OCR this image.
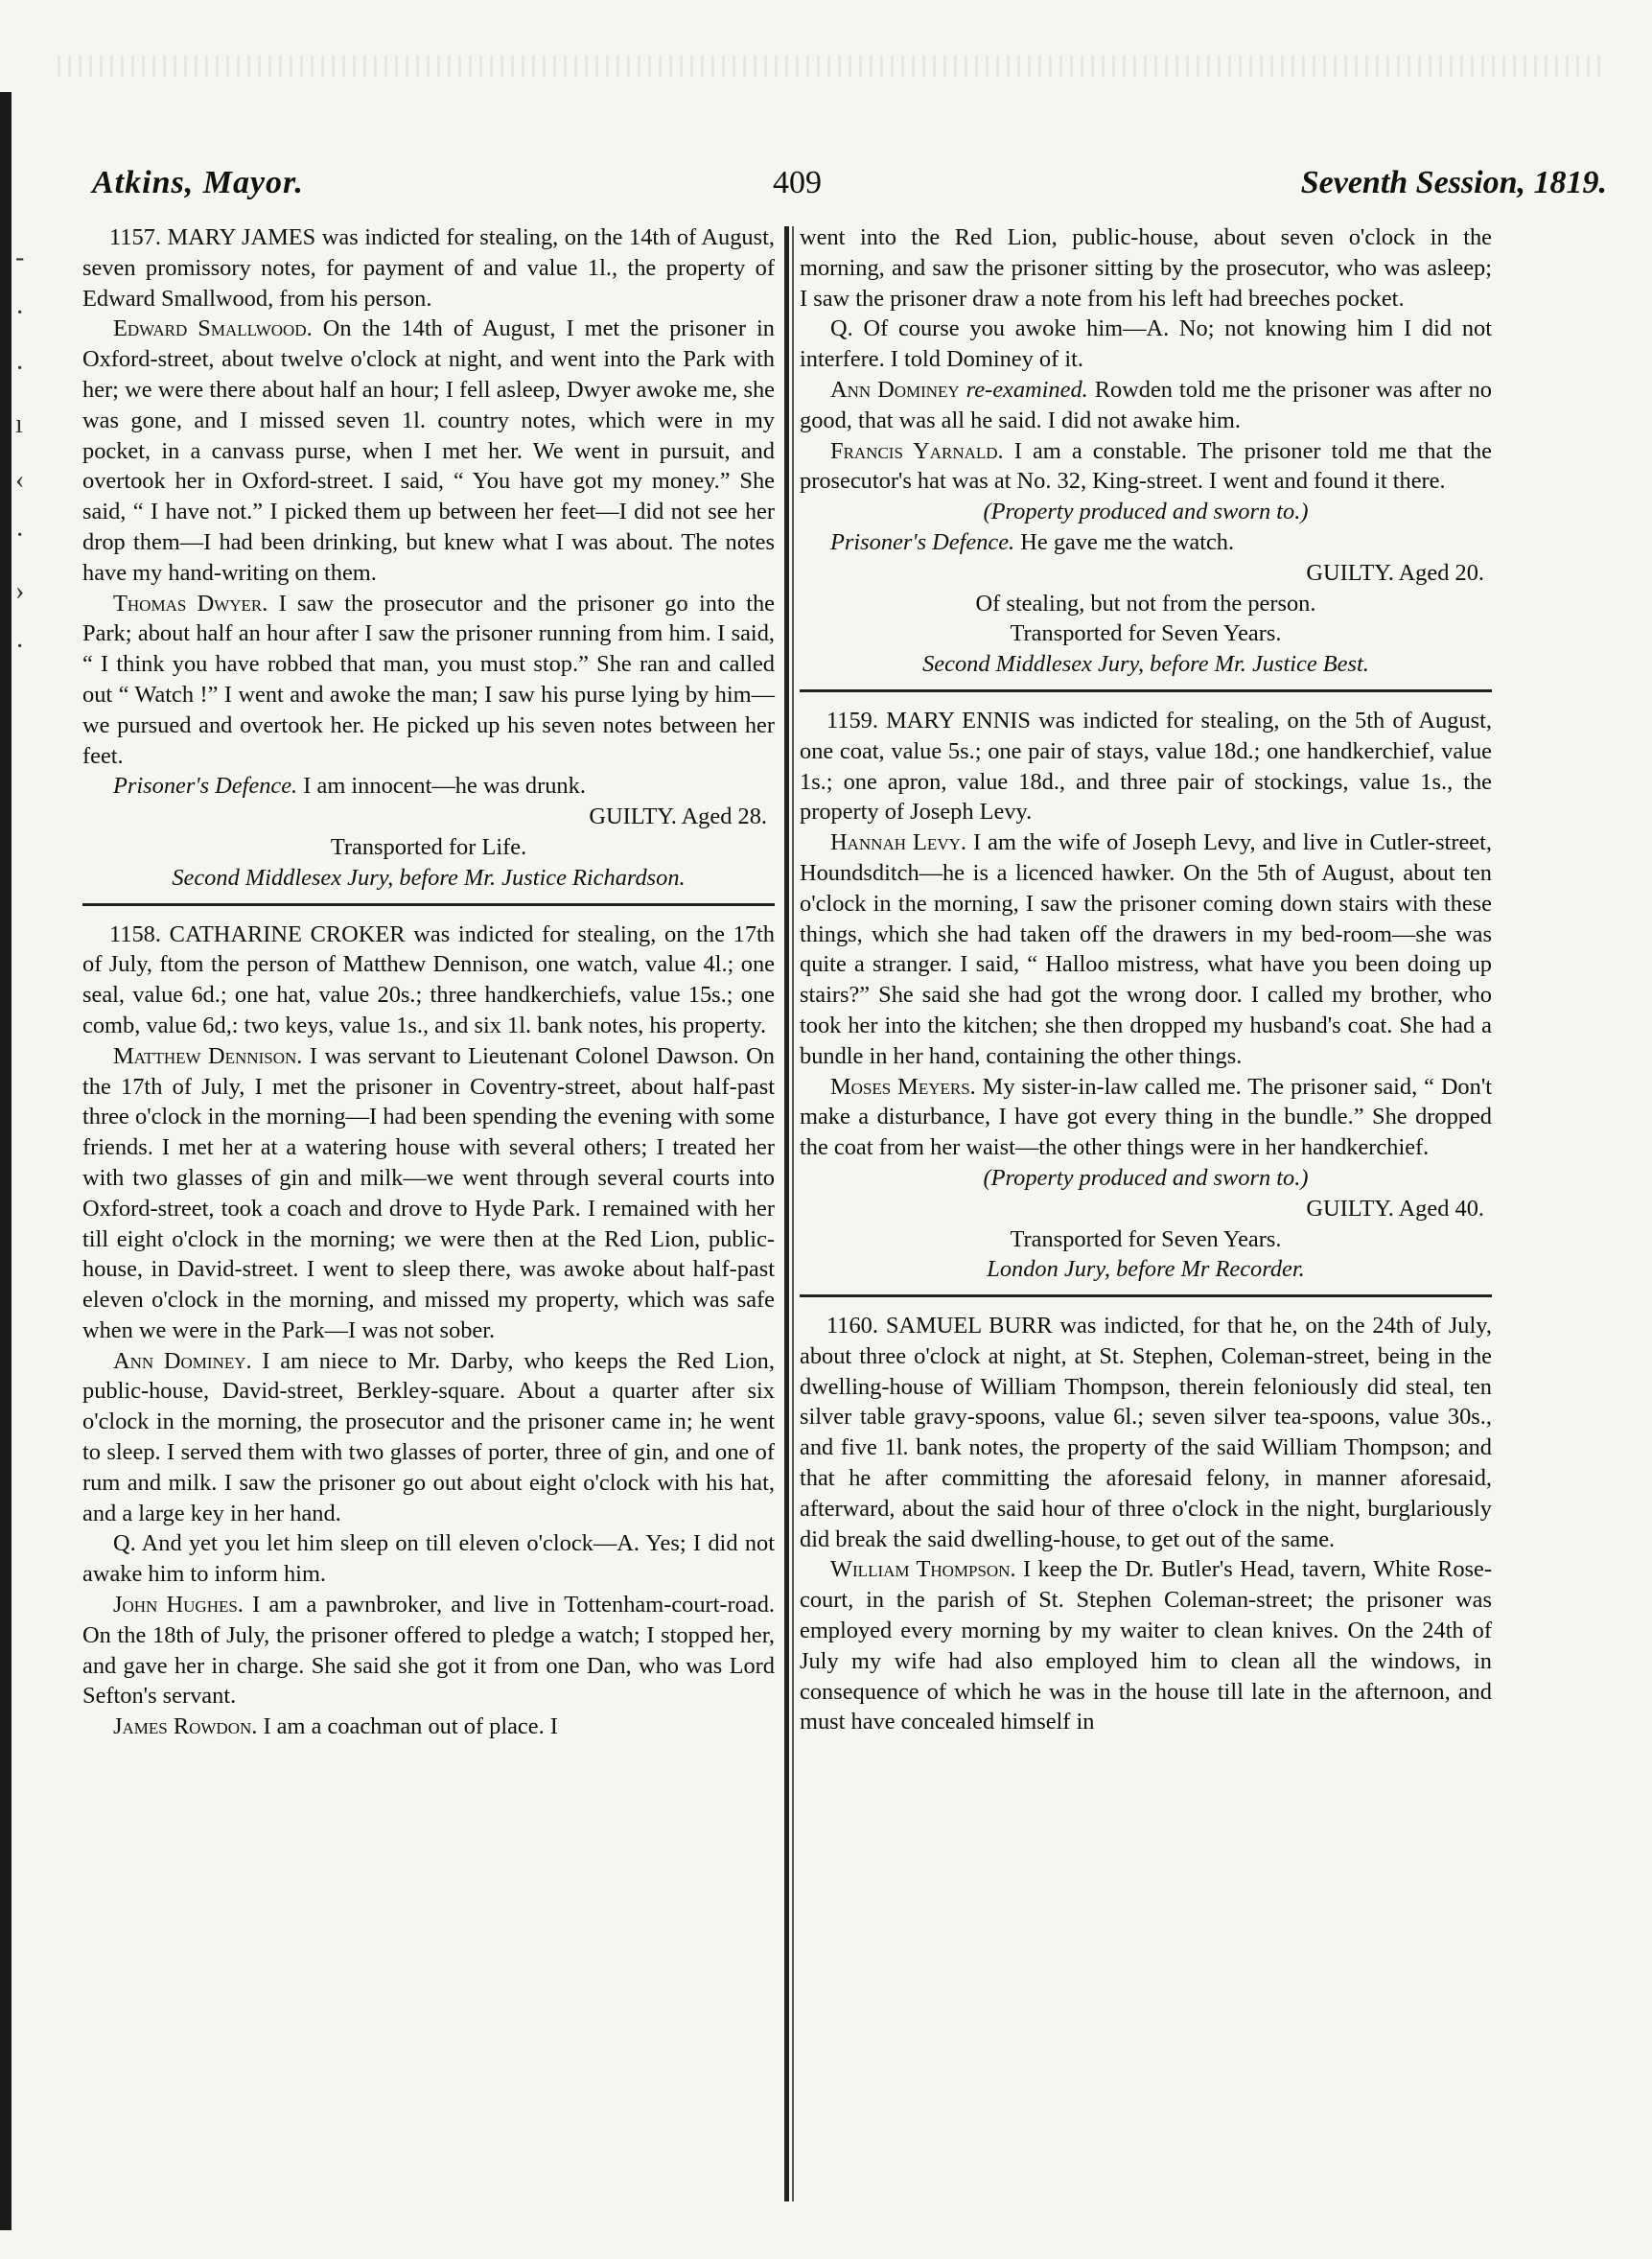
-
·
·
ı
‹
·
›
·
Atkins, Mayor.	409	Seventh Session, 1819.

1157. MARY JAMES was indicted for stealing, on the 14th of August, seven promissory notes, for payment of and value 1l., the property of Edward Smallwood, from his person.

Edward Smallwood. On the 14th of August, I met the prisoner in Oxford-street, about twelve o'clock at night, and went into the Park with her; we were there about half an hour; I fell asleep, Dwyer awoke me, she was gone, and I missed seven 1l. country notes, which were in my pocket, in a canvass purse, when I met her. We went in pursuit, and overtook her in Oxford-street. I said, “ You have got my money.” She said, “ I have not.” I picked them up between her feet—I did not see her drop them—I had been drinking, but knew what I was about. The notes have my hand-writing on them.

Thomas Dwyer. I saw the prosecutor and the prisoner go into the Park; about half an hour after I saw the prisoner running from him. I said, “ I think you have robbed that man, you must stop.” She ran and called out “ Watch !” I went and awoke the man; I saw his purse lying by him—we pursued and overtook her. He picked up his seven notes between her feet.

Prisoner's Defence. I am innocent—he was drunk.

GUILTY. Aged 28.

Transported for Life.

Second Middlesex Jury, before Mr. Justice Richardson.

1158. CATHARINE CROKER was indicted for stealing, on the 17th of July, ftom the person of Matthew Dennison, one watch, value 4l.; one seal, value 6d.; one hat, value 20s.; three handkerchiefs, value 15s.; one comb, value 6d,: two keys, value 1s., and six 1l. bank notes, his property.

Matthew Dennison. I was servant to Lieutenant Colonel Dawson. On the 17th of July, I met the prisoner in Coventry-street, about half-past three o'clock in the morning—I had been spending the evening with some friends. I met her at a watering house with several others; I treated her with two glasses of gin and milk—we went through several courts into Oxford-street, took a coach and drove to Hyde Park. I remained with her till eight o'clock in the morning; we were then at the Red Lion, public-house, in David-street. I went to sleep there, was awoke about half-past eleven o'clock in the morning, and missed my property, which was safe when we were in the Park—I was not sober.

Ann Dominey. I am niece to Mr. Darby, who keeps the Red Lion, public-house, David-street, Berkley-square. About a quarter after six o'clock in the morning, the prosecutor and the prisoner came in; he went to sleep. I served them with two glasses of porter, three of gin, and one of rum and milk. I saw the prisoner go out about eight o'clock with his hat, and a large key in her hand.

Q. And yet you let him sleep on till eleven o'clock—A. Yes; I did not awake him to inform him.

John Hughes. I am a pawnbroker, and live in Tottenham-court-road. On the 18th of July, the prisoner offered to pledge a watch; I stopped her, and gave her in charge. She said she got it from one Dan, who was Lord Sefton's servant.

James Rowdon. I am a coachman out of place. I

went into the Red Lion, public-house, about seven o'clock in the morning, and saw the prisoner sitting by the prosecutor, who was asleep; I saw the prisoner draw a note from his left had breeches pocket.

Q. Of course you awoke him—A. No; not knowing him I did not interfere. I told Dominey of it.

Ann Dominey re-examined. Rowden told me the prisoner was after no good, that was all he said. I did not awake him.

Francis Yarnald. I am a constable. The prisoner told me that the prosecutor's hat was at No. 32, King-street. I went and found it there.

(Property produced and sworn to.)

Prisoner's Defence. He gave me the watch.

GUILTY. Aged 20.

Of stealing, but not from the person.

Transported for Seven Years.

Second Middlesex Jury, before Mr. Justice Best.

1159. MARY ENNIS was indicted for stealing, on the 5th of August, one coat, value 5s.; one pair of stays, value 18d.; one handkerchief, value 1s.; one apron, value 18d., and three pair of stockings, value 1s., the property of Joseph Levy.

Hannah Levy. I am the wife of Joseph Levy, and live in Cutler-street, Houndsditch—he is a licenced hawker. On the 5th of August, about ten o'clock in the morning, I saw the prisoner coming down stairs with these things, which she had taken off the drawers in my bed-room—she was quite a stranger. I said, “ Halloo mistress, what have you been doing up stairs?” She said she had got the wrong door. I called my brother, who took her into the kitchen; she then dropped my husband's coat. She had a bundle in her hand, containing the other things.

Moses Meyers. My sister-in-law called me. The prisoner said, “ Don't make a disturbance, I have got every thing in the bundle.” She dropped the coat from her waist—the other things were in her handkerchief.

(Property produced and sworn to.)

GUILTY. Aged 40.

Transported for Seven Years.

London Jury, before Mr Recorder.

1160. SAMUEL BURR was indicted, for that he, on the 24th of July, about three o'clock at night, at St. Stephen, Coleman-street, being in the dwelling-house of William Thompson, therein feloniously did steal, ten silver table gravy-spoons, value 6l.; seven silver tea-spoons, value 30s., and five 1l. bank notes, the property of the said William Thompson; and that he after committing the aforesaid felony, in manner aforesaid, afterward, about the said hour of three o'clock in the night, burglariously did break the said dwelling-house, to get out of the same.

William Thompson. I keep the Dr. Butler's Head, tavern, White Rose-court, in the parish of St. Stephen Coleman-street; the prisoner was employed every morning by my waiter to clean knives. On the 24th of July my wife had also employed him to clean all the windows, in consequence of which he was in the house till late in the afternoon, and must have concealed himself in
